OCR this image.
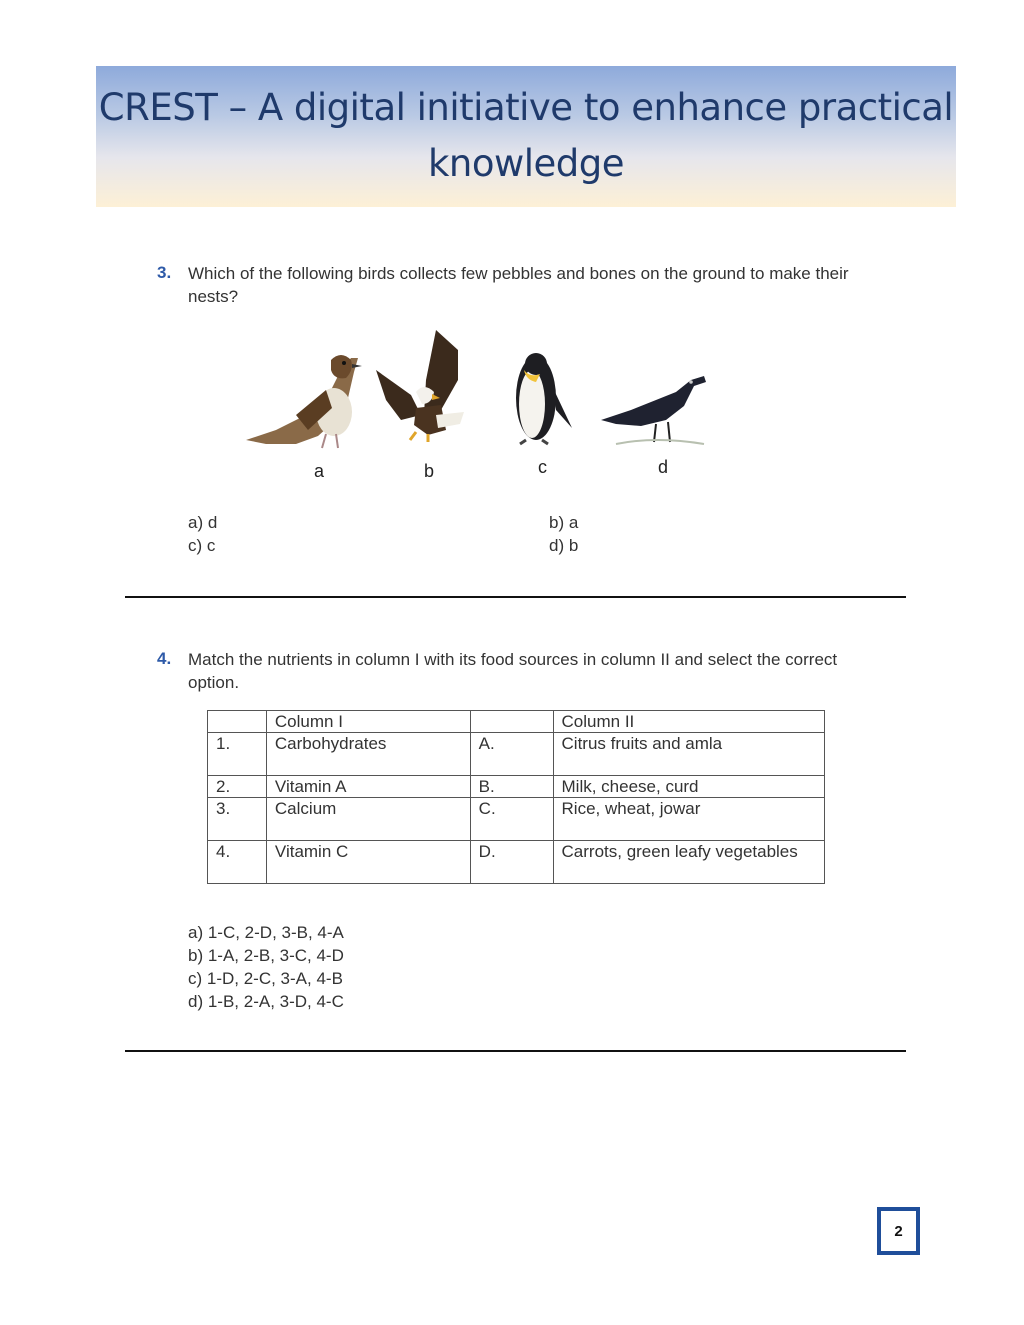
CREST – A digital initiative to enhance practical
knowledge
3. Which of the following birds collects few pebbles and bones on the ground to make their
nests?
a	b	c	d
a) d	b) a
c) c	d) b
4. Match the nutrients in column I with its food sources in column II and select the correct
option.
	Column I		Column II
1.	Carbohydrates	A.	Citrus fruits and amla
2.	Vitamin A	B.	Milk, cheese, curd
3.	Calcium	C.	Rice, wheat, jowar
4.	Vitamin C	D.	Carrots, green leafy vegetables
a) 1-C, 2-D, 3-B, 4-A
b) 1-A, 2-B, 3-C, 4-D
c) 1-D, 2-C, 3-A, 4-B
d) 1-B, 2-A, 3-D, 4-C
2
